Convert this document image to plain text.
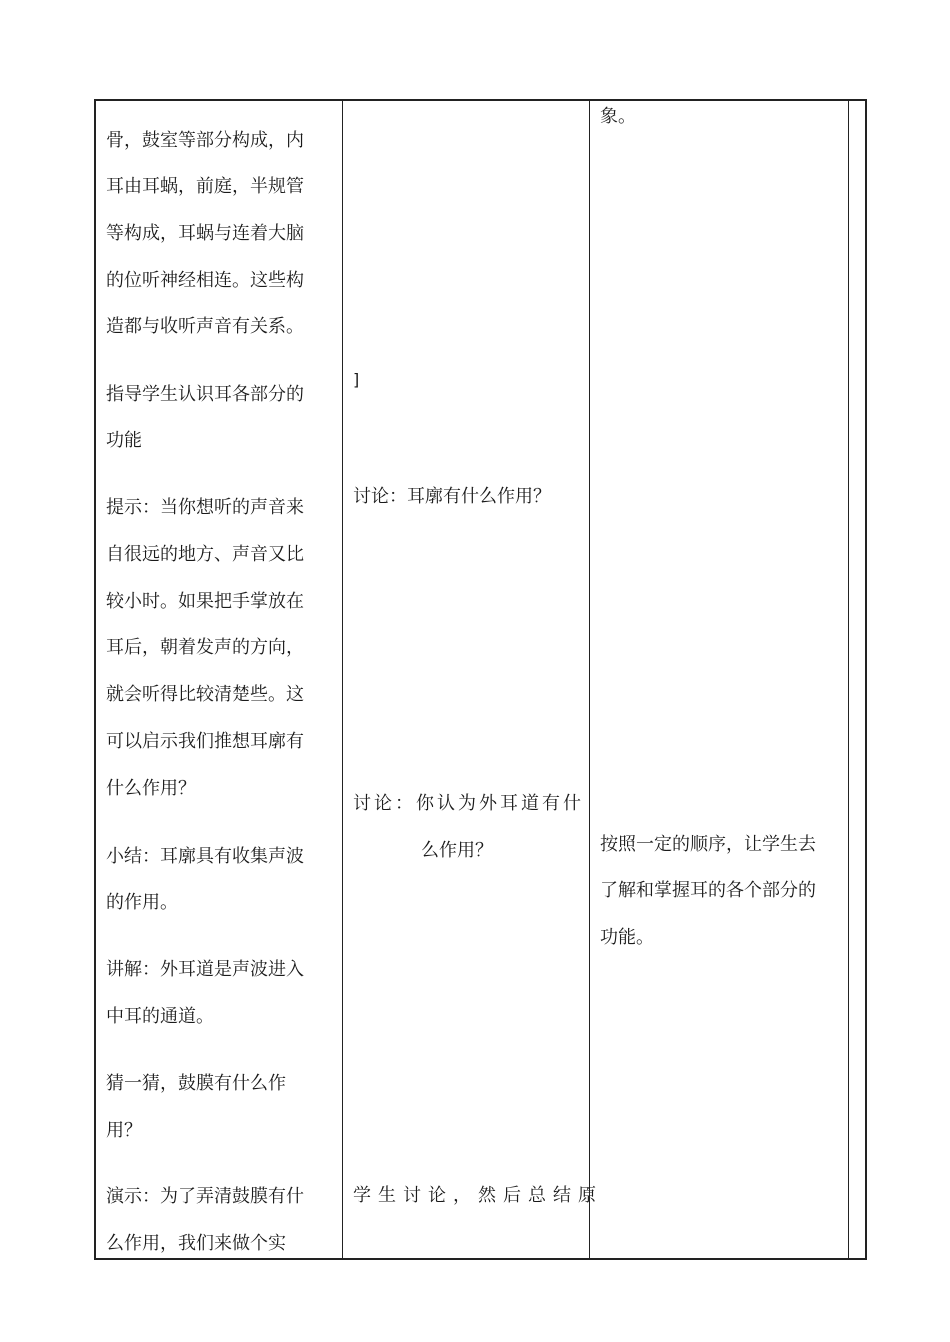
骨，鼓室等部分构成，内

耳由耳蜗，前庭，半规管

等构成，耳蜗与连着大脑

的位听神经相连。这些构

造都与收听声音有关系。

指导学生认识耳各部分的

功能

提示：当你想听的声音来

自很远的地方、声音又比

较小时。如果把手掌放在

耳后，朝着发声的方向，

就会听得比较清楚些。这

可以启示我们推想耳廓有

什么作用？

小结：耳廓具有收集声波

的作用。

讲解：外耳道是声波进入

中耳的通道。

猜一猜，鼓膜有什么作

用？

演示：为了弄清鼓膜有什

么作用，我们来做个实

]

讨论：耳廓有什么作用？

讨论：你认为外耳道有什

么作用？

学生讨论，然后总结原

象。

按照一定的顺序，让学生去

了解和掌握耳的各个部分的

功能。
